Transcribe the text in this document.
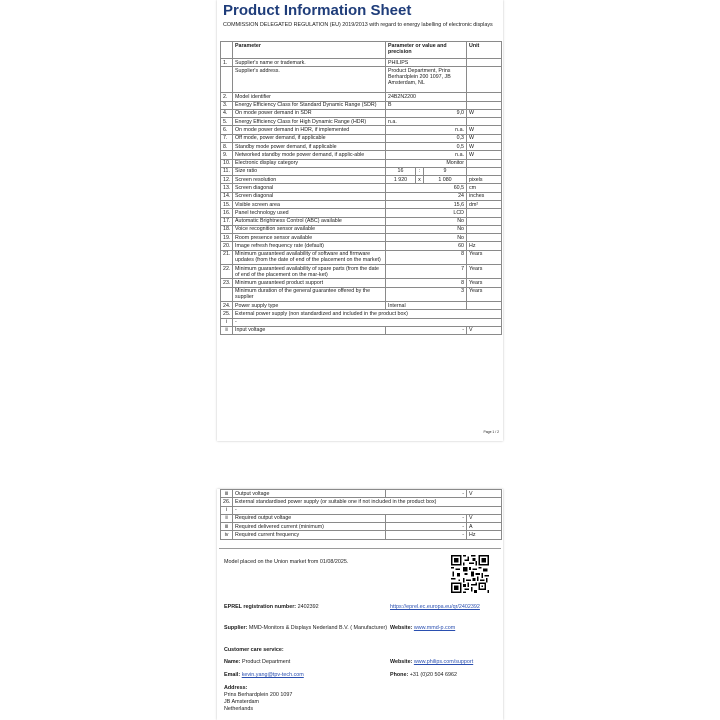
Product Information Sheet
COMMISSION DELEGATED REGULATION (EU) 2019/2013 with regard to energy labelling of electronic displays
	Parameter	Parameter or value and precision			Unit
1.	Supplier's name or trademark.	PHILIPS			
	Supplier's address.	Product Department, Prins Berhardplein 200 1097, JB Amsterdam, NL			
2.	Model identifier	24B2N2200			
3.	Energy Efficiency Class for Standard Dynamic Range (SDR)	B			
4.	On mode power demand in SDR	9,0			W
5.	Energy Efficiency Class for High Dynamic Range (HDR)	n.a.			
6.	On mode power demand in HDR, if implemented	n.a.			W
7.	Off mode, power demand, if applicable	0,3			W
8.	Standby mode power demand, if applicable	0,5			W
9.	Networked standby mode power demand, if applic-able	n.a.			W
10.	Electronic display category	Monitor			
11.	Size ratio	16	:	9	
12.	Screen resolution	1 920	x	1 080	pixels
13.	Screen diagonal	60,5			cm
14.	Screen diagonal	24			inches
15.	Visible screen area	15,6			dm²
16.	Panel technology used	LCD			
17.	Automatic Brightness Control (ABC) available	No			
18.	Voice recognition sensor available	No			
19.	Room presence sensor available	No			
20.	Image refresh frequency rate (default)	60			Hz
21.	Minimum guaranteed availability of software and firmware updates (from the date of end of the placement on the market)	8			Years
22.	Minimum guaranteed availability of spare parts (from the date of end of the placement on the mar-ket)	7			Years
23.	Minimum guaranteed product support	8			Years
	Minimum duration of the general guarantee offered by the supplier	3			Years
24.	Power supply type	Internal			
25.	External power supply (non standardized and included in the product box)				
i	-				
ii	Input voltage	-			V
Page 1 / 2
iii	Output voltage	-	V
26.	External standardised power supply (or suitable one if not included in the product box)		
i	-		
ii	Required output voltage	-	V
iii	Required delivered current (minimum)	-	A
iv	Required current frequency	-	Hz
Model placed on the Union market from 01/08/2025.
EPREL registration number: 2402392	https://eprel.ec.europa.eu/qr/2402392
Supplier: MMD-Monitors & Displays Nederland B.V. ( Manufacturer) Website: www.mmd-p.com
Customer care service:
Name: Product Department	Website: www.philips.com/support
Email: kevin.yang@tpv-tech.com	Phone: +31 (0)20 504 6962
Address:
Prins Berhardplein 200 1097
JB Amsterdam
Netherlands
